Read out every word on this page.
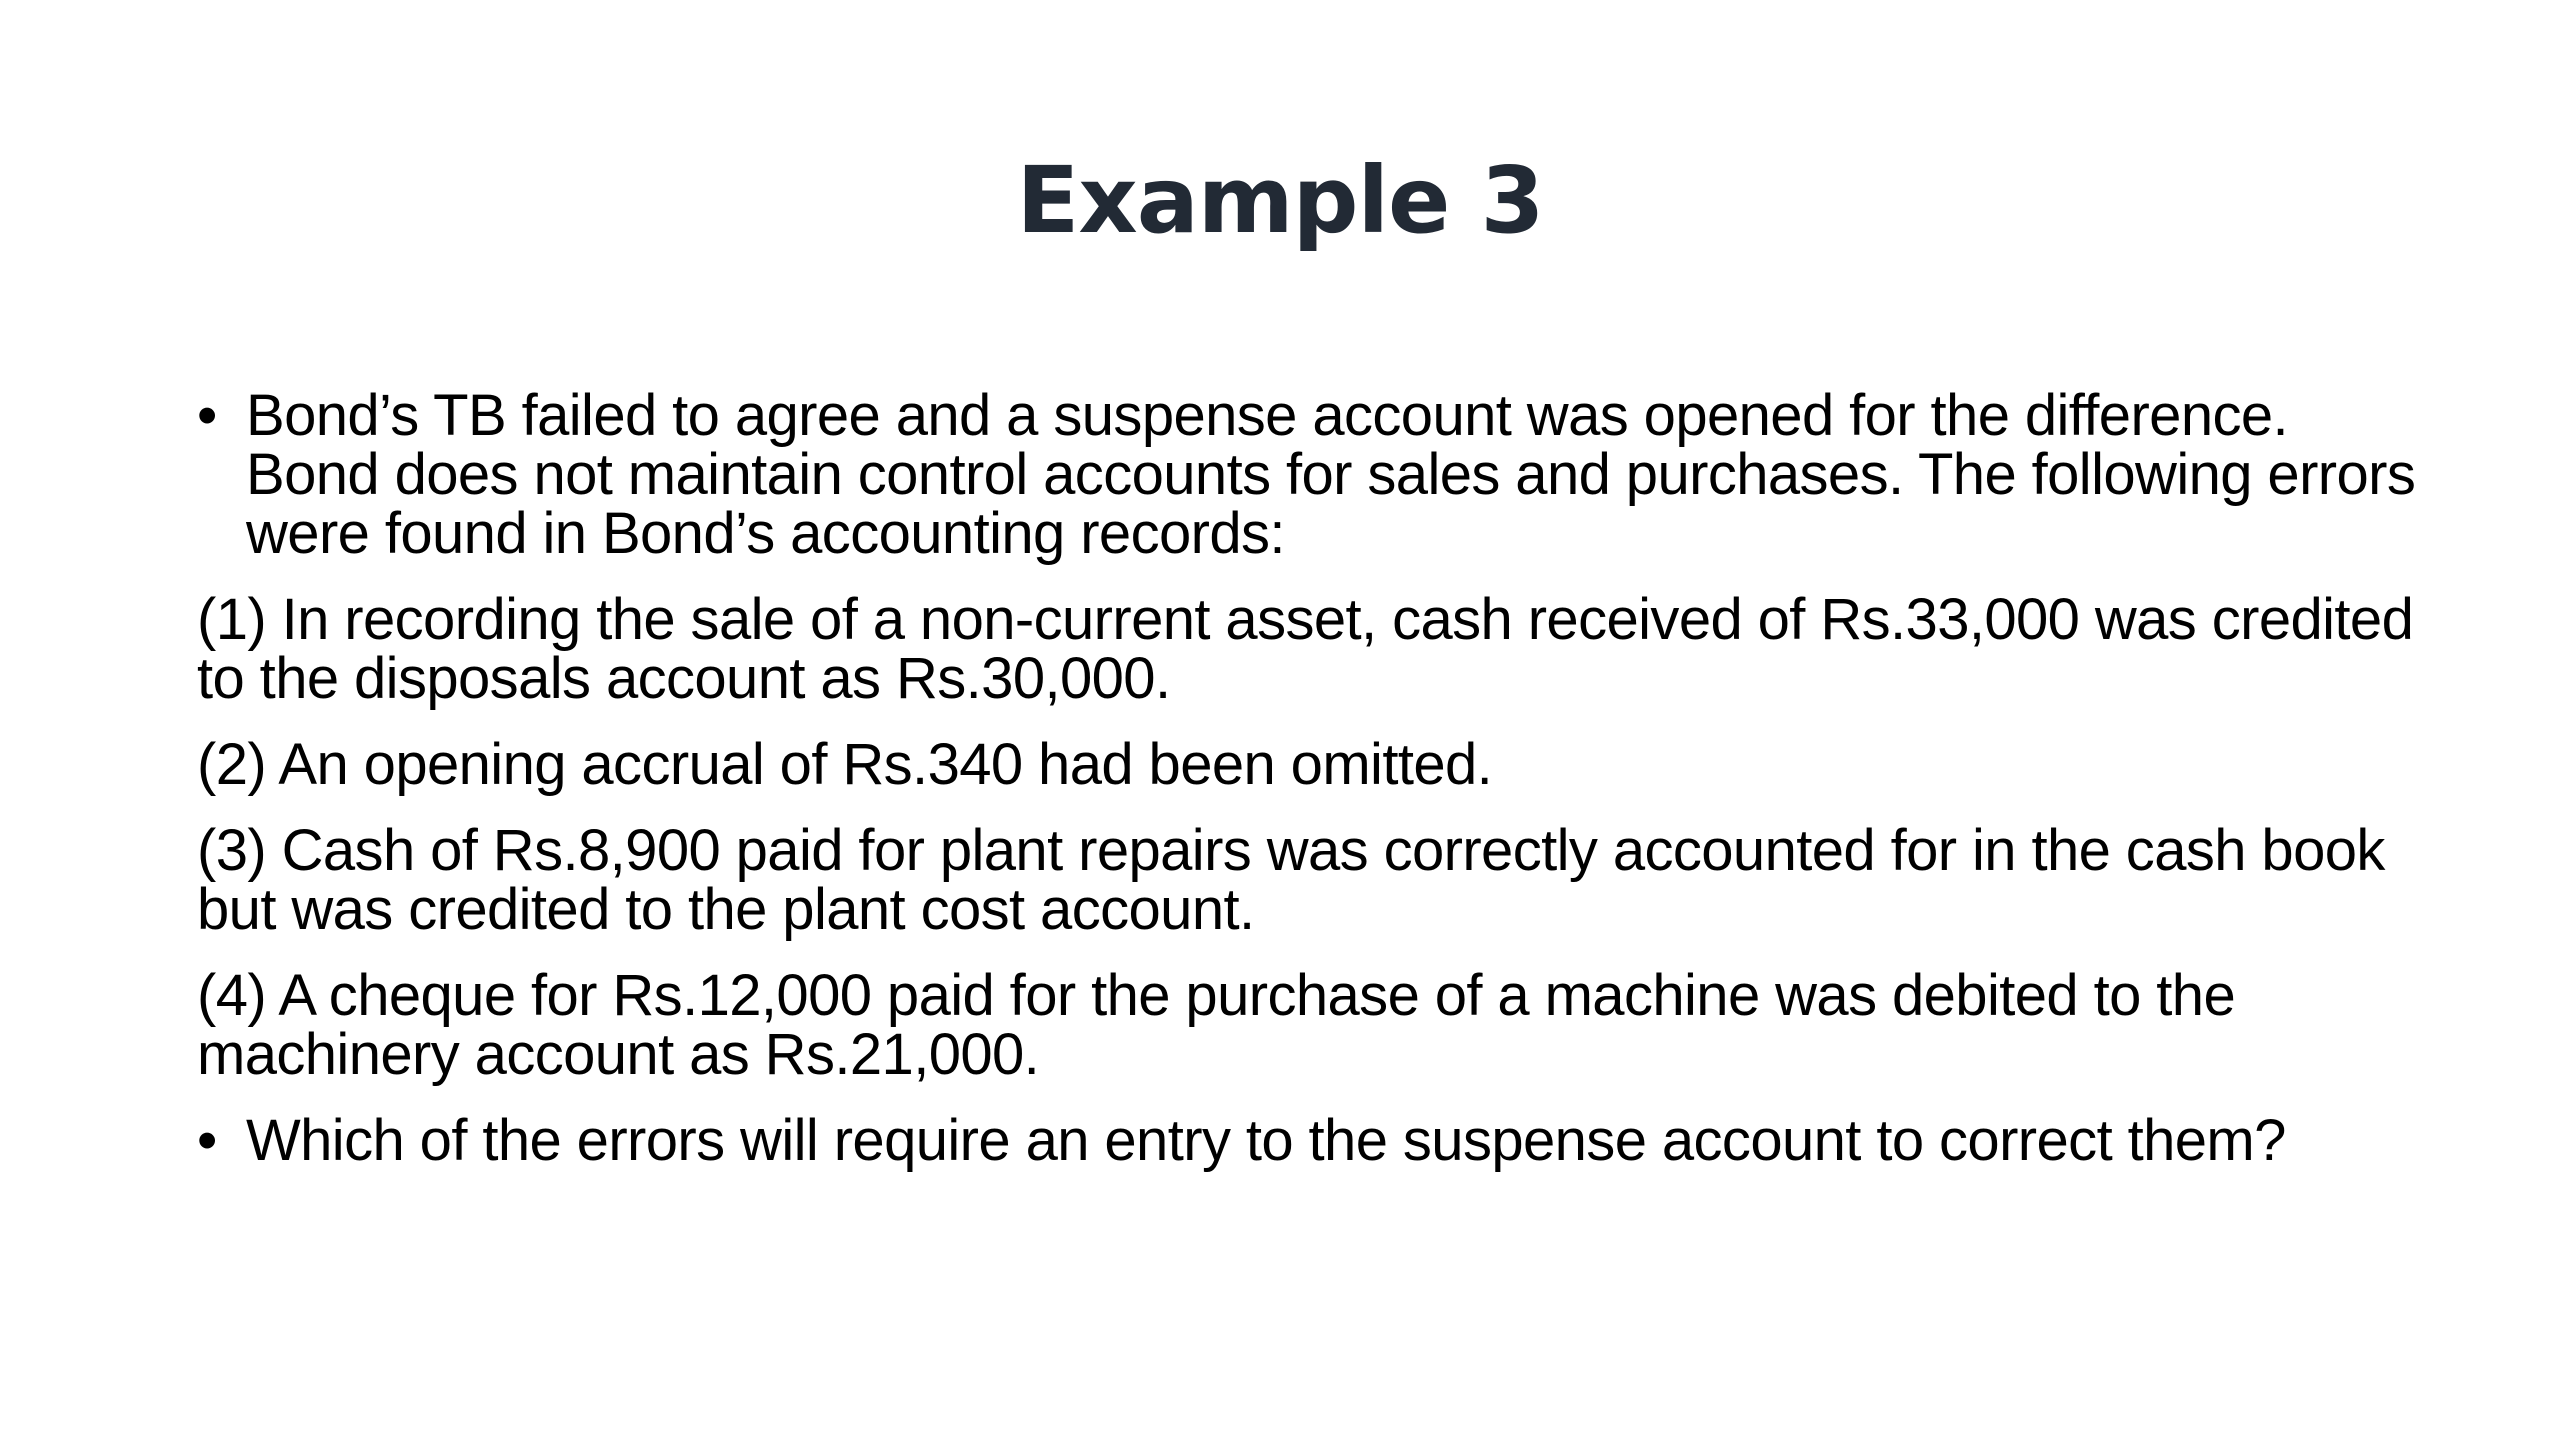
Example 3
• Bond’s TB failed to agree and a suspense account was opened for the difference. Bond does not maintain control accounts for sales and purchases. The following errors were found in Bond’s accounting records:
(1) In recording the sale of a non-current asset, cash received of Rs.33,000 was credited to the disposals account as Rs.30,000.
(2) An opening accrual of Rs.340 had been omitted.
(3) Cash of Rs.8,900 paid for plant repairs was correctly accounted for in the cash book but was credited to the plant cost account.
(4) A cheque for Rs.12,000 paid for the purchase of a machine was debited to the machinery account as Rs.21,000.
• Which of the errors will require an entry to the suspense account to correct them?
